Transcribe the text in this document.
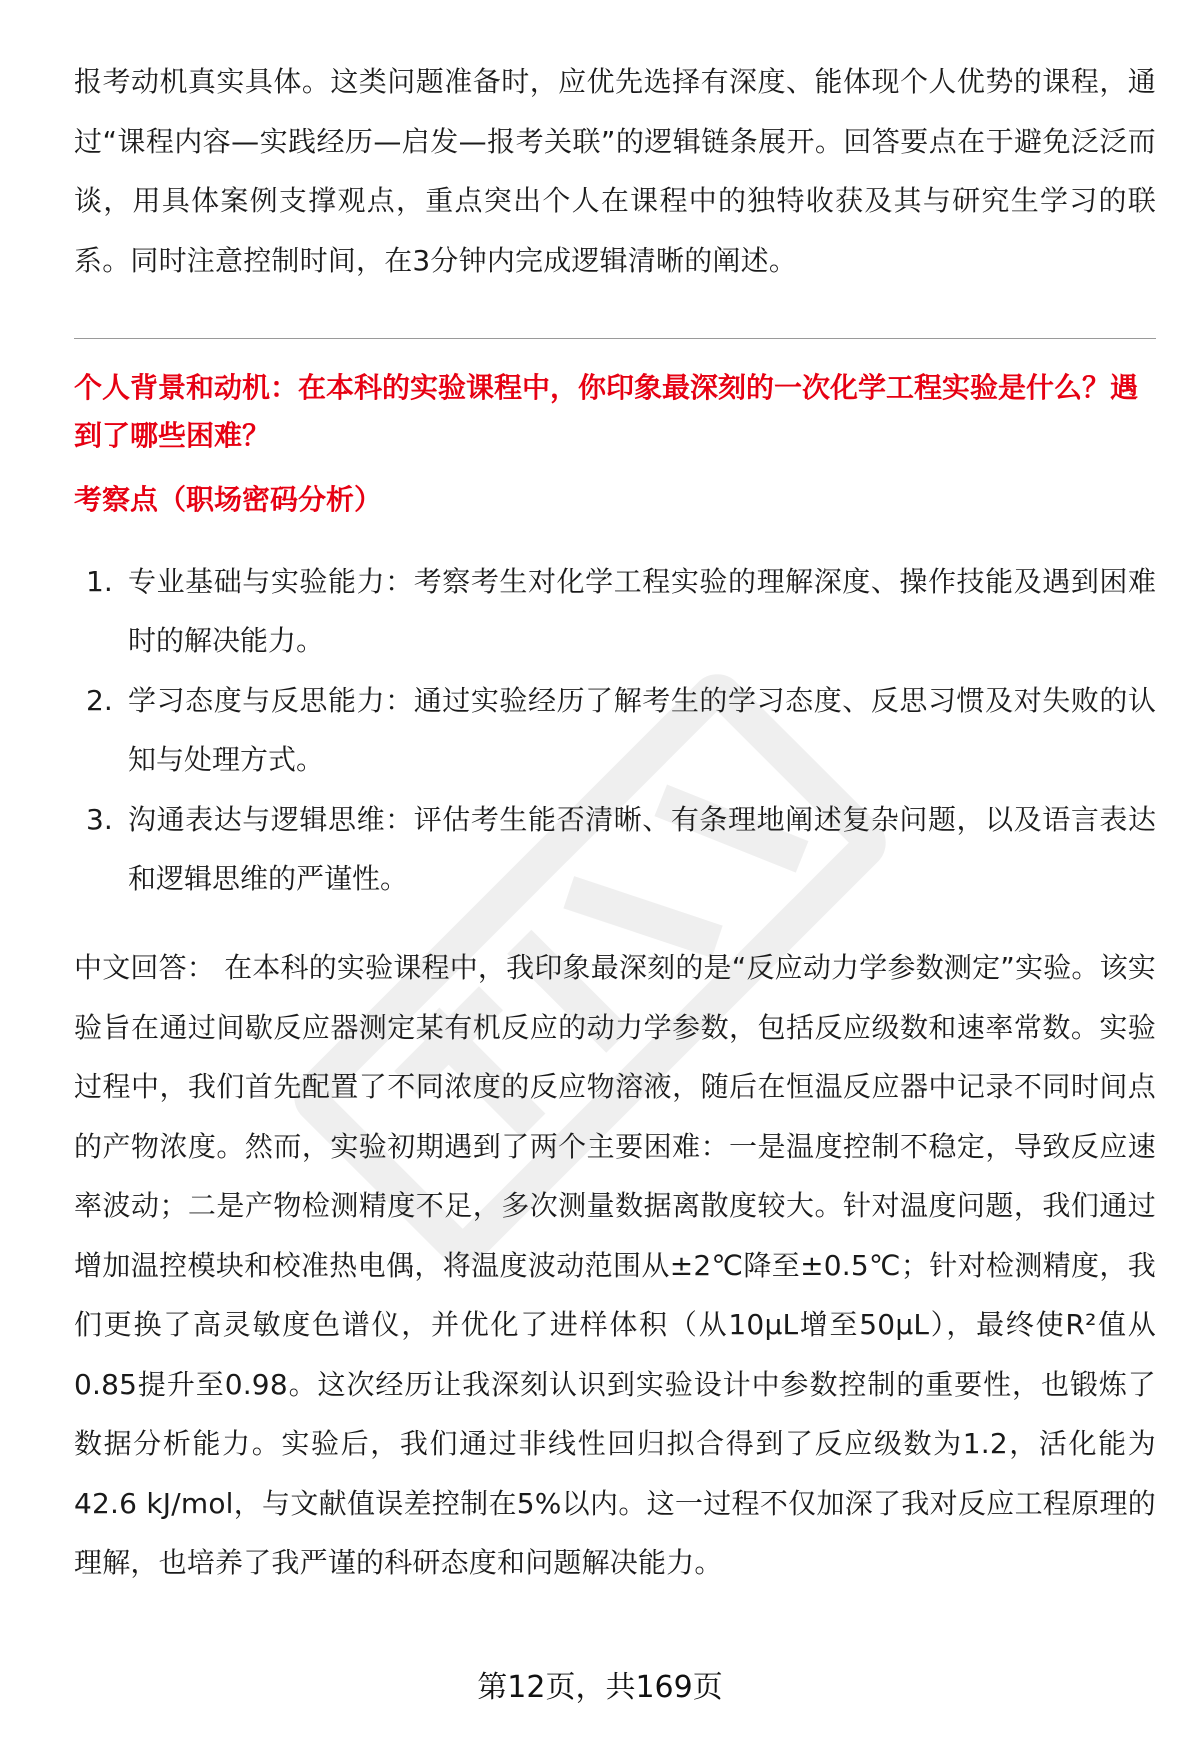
报考动机真实具体。这类问题准备时，应优先选择有深度、能体现个人优势的课程，通过“课程内容—实践经历—启发—报考关联”的逻辑链条展开。回答要点在于避免泛泛而谈，用具体案例支撑观点，重点突出个人在课程中的独特收获及其与研究生学习的联系。同时注意控制时间，在3分钟内完成逻辑清晰的阐述。

个人背景和动机：在本科的实验课程中，你印象最深刻的一次化学工程实验是什么？遇到了哪些困难？

考察点（职场密码分析）

1. 专业基础与实验能力：考察考生对化学工程实验的理解深度、操作技能及遇到困难时的解决能力。
2. 学习态度与反思能力：通过实验经历了解考生的学习态度、反思习惯及对失败的认知与处理方式。
3. 沟通表达与逻辑思维：评估考生能否清晰、有条理地阐述复杂问题，以及语言表达和逻辑思维的严谨性。

中文回答： 在本科的实验课程中，我印象最深刻的是“反应动力学参数测定”实验。该实验旨在通过间歇反应器测定某有机反应的动力学参数，包括反应级数和速率常数。实验过程中，我们首先配置了不同浓度的反应物溶液，随后在恒温反应器中记录不同时间点的产物浓度。然而，实验初期遇到了两个主要困难：一是温度控制不稳定，导致反应速率波动；二是产物检测精度不足，多次测量数据离散度较大。针对温度问题，我们通过增加温控模块和校准热电偶，将温度波动范围从±2℃降至±0.5℃；针对检测精度，我们更换了高灵敏度色谱仪，并优化了进样体积（从10μL增至50μL），最终使R²值从0.85提升至0.98。这次经历让我深刻认识到实验设计中参数控制的重要性，也锻炼了数据分析能力。实验后，我们通过非线性回归拟合得到了反应级数为1.2，活化能为42.6 kJ/mol，与文献值误差控制在5%以内。这一过程不仅加深了我对反应工程原理的理解，也培养了我严谨的科研态度和问题解决能力。

第12页，共169页
